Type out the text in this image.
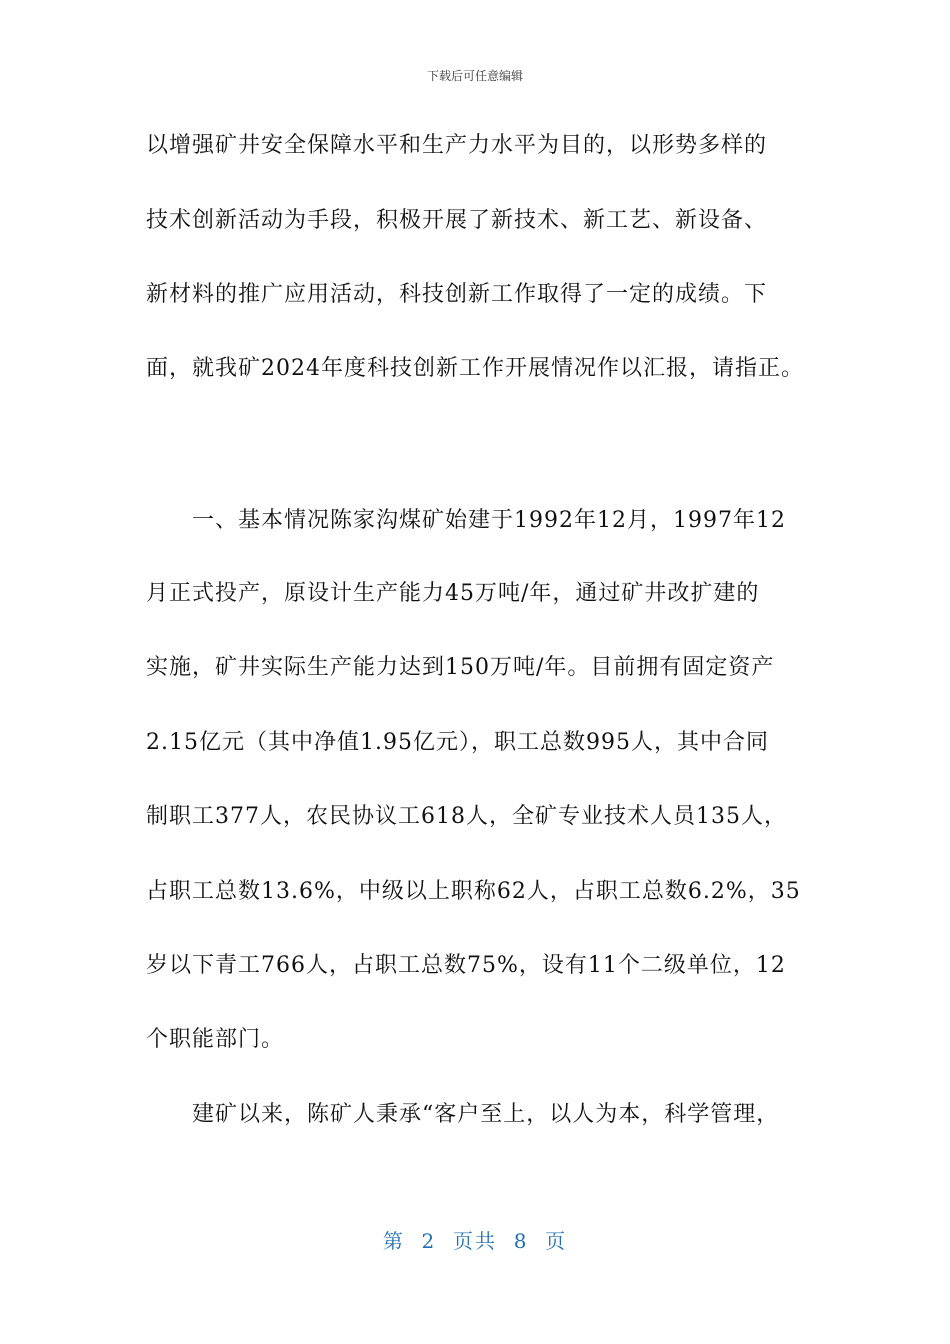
下载后可任意编辑
以增强矿井安全保障水平和生产力水平为目的，以形势多样的
技术创新活动为手段，积极开展了新技术、新工艺、新设备、
新材料的推广应用活动，科技创新工作取得了一定的成绩。下
面，就我矿2024年度科技创新工作开展情况作以汇报，请指正。
　　一、基本情况陈家沟煤矿始建于1992年12月，1997年12
月正式投产，原设计生产能力45万吨/年，通过矿井改扩建的
实施，矿井实际生产能力达到150万吨/年。目前拥有固定资产
2.15亿元（其中净值1.95亿元），职工总数995人，其中合同
制职工377人，农民协议工618人，全矿专业技术人员135人，
占职工总数13.6%，中级以上职称62人，占职工总数6.2%，35
岁以下青工766人，占职工总数75%，设有11个二级单位，12
个职能部门。
　　建矿以来，陈矿人秉承“客户至上，以人为本，科学管理，
第  2  页共  8  页
